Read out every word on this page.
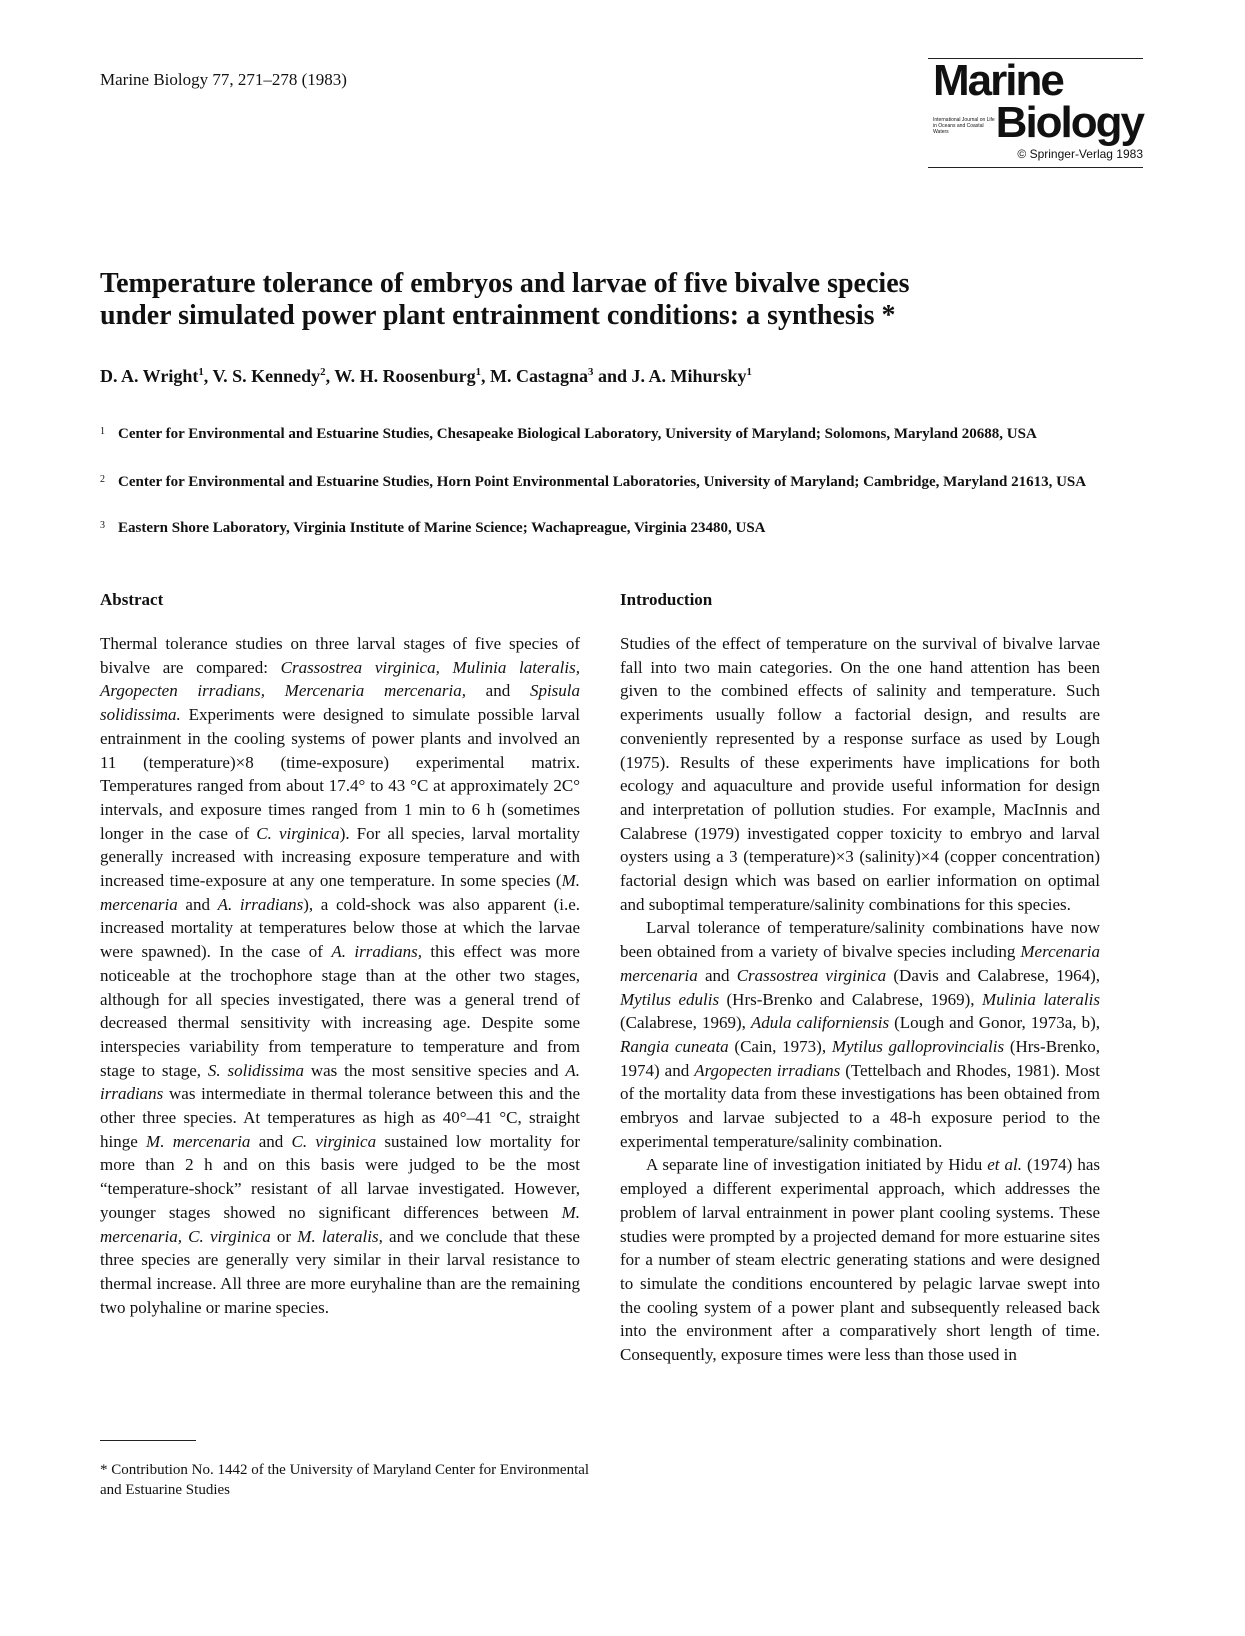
Marine Biology 77, 271–278 (1983)	Marine
International Journal on Life in Oceans and Coastal Waters	Biology
© Springer-Verlag 1983
Temperature tolerance of embryos and larvae of five bivalve species
under simulated power plant entrainment conditions: a synthesis *
D. A. Wright$^1$, V. S. Kennedy$^2$, W. H. Roosenburg$^1$, M. Castagna$^3$ and J. A. Mihursky$^1$
1 Center for Environmental and Estuarine Studies, Chesapeake Biological Laboratory, University of Maryland; Solomons, Maryland 20688, USA
2 Center for Environmental and Estuarine Studies, Horn Point Environmental Laboratories, University of Maryland; Cambridge, Maryland 21613, USA
3 Eastern Shore Laboratory, Virginia Institute of Marine Science; Wachapreague, Virginia 23480, USA
Abstract	Introduction

Thermal tolerance studies on three larval stages of five species of bivalve are compared: Crassostrea virginica, Mulinia lateralis, Argopecten irradians, Mercenaria mercenaria, and Spisula solidissima. Experiments were designed to simulate possible larval entrainment in the cooling systems of power plants and involved an 11 (temperature)×8 (time-exposure) experimental matrix. Temperatures ranged from about 17.4° to 43 °C at approximately 2C° intervals, and exposure times ranged from 1 min to 6 h (sometimes longer in the case of C. virginica). For all species, larval mortality generally increased with increasing exposure temperature and with increased time-exposure at any one temperature. In some species (M. mercenaria and A. irradians), a cold-shock was also apparent (i.e. increased mortality at temperatures below those at which the larvae were spawned). In the case of A. irradians, this effect was more noticeable at the trochophore stage than at the other two stages, although for all species investigated, there was a general trend of decreased thermal sensitivity with increasing age. Despite some interspecies variability from temperature to temperature and from stage to stage, S. solidissima was the most sensitive species and A. irradians was intermediate in thermal tolerance between this and the other three species. At temperatures as high as 40°–41 °C, straight hinge M. mercenaria and C. virginica sustained low mortality for more than 2 h and on this basis were judged to be the most “temperature-shock” resistant of all larvae investigated. However, younger stages showed no significant differences between M. mercenaria, C. virginica or M. lateralis, and we conclude that these three species are generally very similar in their larval resistance to thermal increase. All three are more euryhaline than are the remaining two polyhaline or marine species.

Studies of the effect of temperature on the survival of bivalve larvae fall into two main categories. On the one hand attention has been given to the combined effects of salinity and temperature. Such experiments usually follow a factorial design, and results are conveniently represented by a response surface as used by Lough (1975). Results of these experiments have implications for both ecology and aquaculture and provide useful information for design and interpretation of pollution studies. For example, MacInnis and Calabrese (1979) investigated copper toxicity to embryo and larval oysters using a 3 (temperature)×3 (salinity)×4 (copper concentration) factorial design which was based on earlier information on optimal and suboptimal temperature/salinity combinations for this species.

Larval tolerance of temperature/salinity combinations have now been obtained from a variety of bivalve species including Mercenaria mercenaria and Crassostrea virginica (Davis and Calabrese, 1964), Mytilus edulis (Hrs-Brenko and Calabrese, 1969), Mulinia lateralis (Calabrese, 1969), Adula californiensis (Lough and Gonor, 1973a, b), Rangia cuneata (Cain, 1973), Mytilus galloprovincialis (Hrs-Brenko, 1974) and Argopecten irradians (Tettelbach and Rhodes, 1981). Most of the mortality data from these investigations has been obtained from embryos and larvae subjected to a 48-h exposure period to the experimental temperature/salinity combination.

A separate line of investigation initiated by Hidu et al. (1974) has employed a different experimental approach, which addresses the problem of larval entrainment in power plant cooling systems. These studies were prompted by a projected demand for more estuarine sites for a number of steam electric generating stations and were designed to simulate the conditions encountered by pelagic larvae swept into the cooling system of a power plant and subsequently released back into the environment after a comparatively short length of time. Consequently, exposure times were less than those used in

* Contribution No. 1442 of the University of Maryland Center for Environmental and Estuarine Studies
